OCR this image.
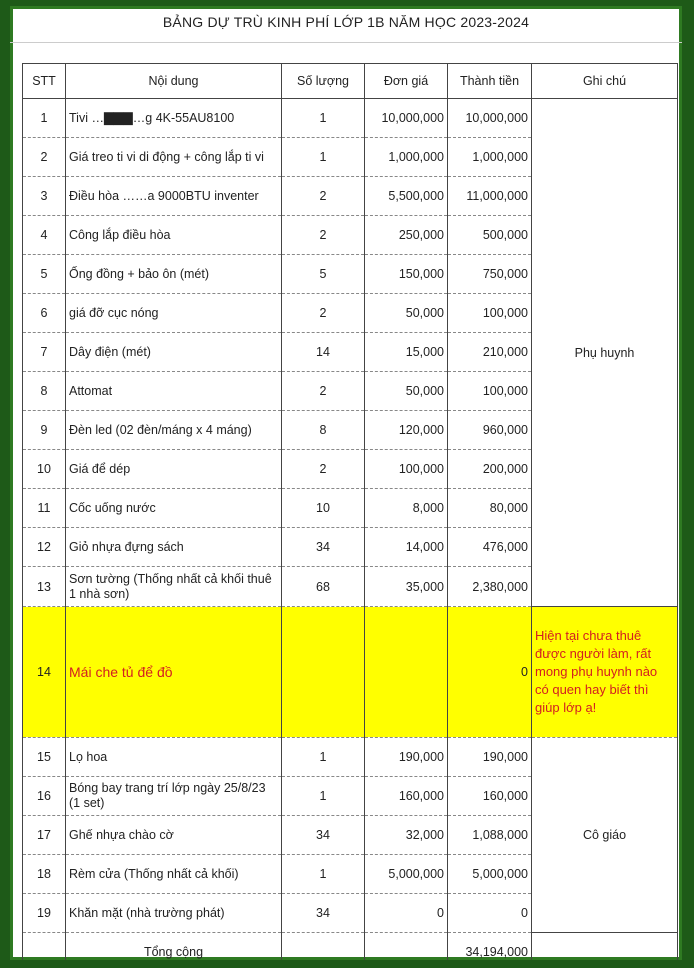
BẢNG DỰ TRÙ KINH PHÍ LỚP 1B NĂM HỌC 2023-2024
STT	Nội dung	Số lượng	Đơn giá	Thành tiền	Ghi chú
1	Tivi …▇▇▇…g 4K-55AU8100	1	10,000,000	10,000,000	Phụ huynh
2	Giá treo ti vi di động + công lắp ti vi	1	1,000,000	1,000,000	
3	Điều hòa ……a 9000BTU inventer	2	5,500,000	11,000,000	
4	Công lắp điều hòa	2	250,000	500,000	
5	Ống đồng + bảo ôn (mét)	5	150,000	750,000	
6	giá đỡ cục nóng	2	50,000	100,000	
7	Dây điện (mét)	14	15,000	210,000	
8	Attomat	2	50,000	100,000	
9	Đèn led (02 đèn/máng x 4 máng)	8	120,000	960,000	
10	Giá để dép	2	100,000	200,000	
11	Cốc uống nước	10	8,000	80,000	
12	Giỏ nhựa đựng sách	34	14,000	476,000	
13	Sơn tường (Thống nhất cả khối thuê 1 nhà sơn)	68	35,000	2,380,000	
14	Mái che tủ để đồ			0	Hiện tại chưa thuê được người làm, rất mong phụ huynh nào có quen hay biết thì giúp lớp ạ!
15	Lọ hoa	1	190,000	190,000	Cô giáo
16	Bóng bay trang trí lớp ngày 25/8/23 (1 set)	1	160,000	160,000	
17	Ghế nhựa chào cờ	34	32,000	1,088,000	
18	Rèm cửa (Thống nhất cả khối)	1	5,000,000	5,000,000	
19	Khăn mặt (nhà trường phát)	34	0	0	
	Tổng cộng			34,194,000	
